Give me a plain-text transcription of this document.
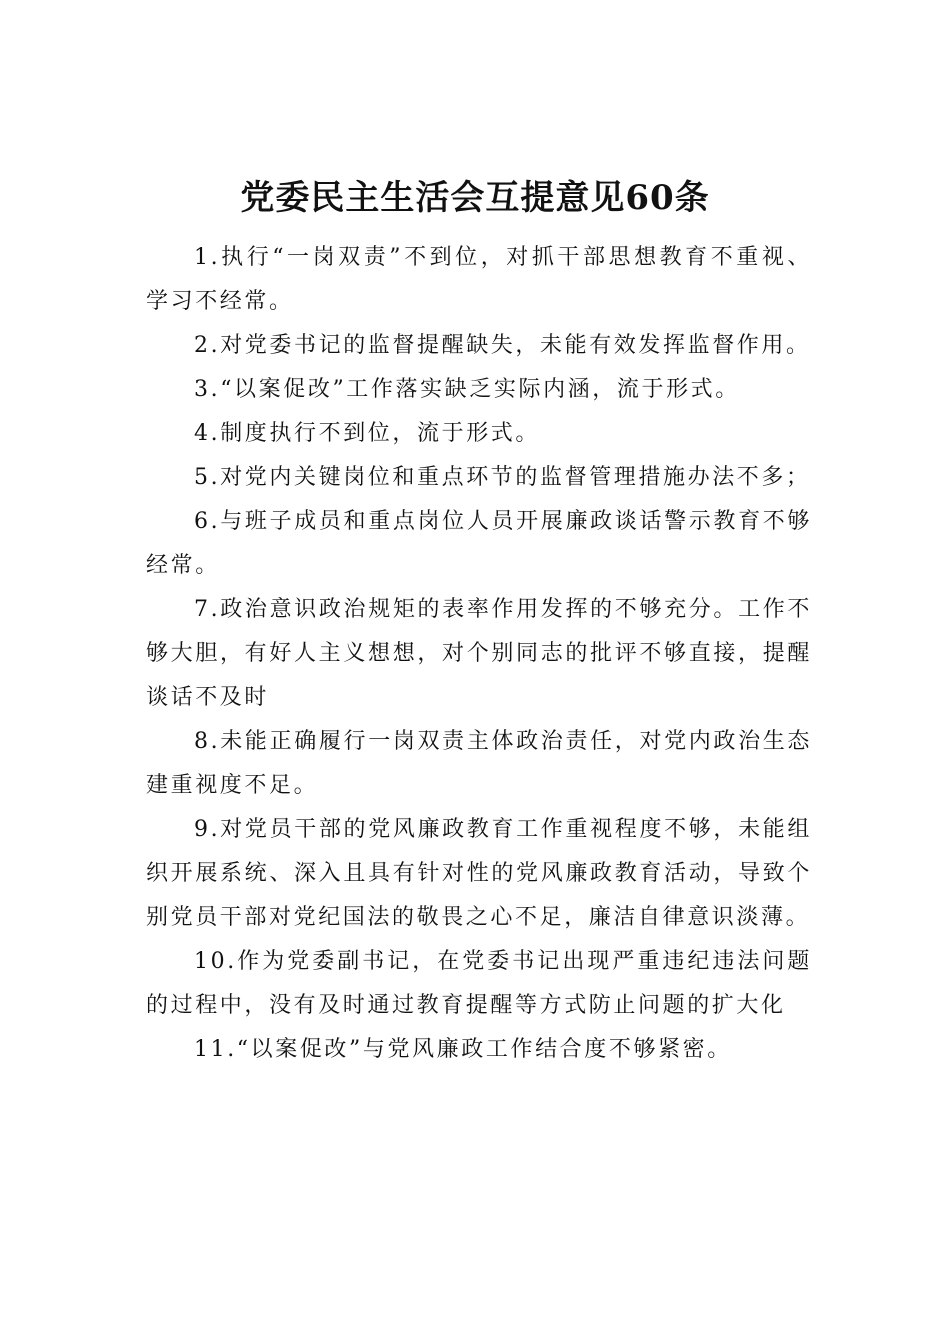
党委民主生活会互提意见60条

1.执行“一岗双责”不到位，对抓干部思想教育不重视、学习不经常。

2.对党委书记的监督提醒缺失，未能有效发挥监督作用。

3.“以案促改”工作落实缺乏实际内涵，流于形式。

4.制度执行不到位，流于形式。

5.对党内关键岗位和重点环节的监督管理措施办法不多；

6.与班子成员和重点岗位人员开展廉政谈话警示教育不够经常。

7.政治意识政治规矩的表率作用发挥的不够充分。工作不够大胆，有好人主义想想，对个别同志的批评不够直接，提醒谈话不及时

8.未能正确履行一岗双责主体政治责任，对党内政治生态建重视度不足。

9.对党员干部的党风廉政教育工作重视程度不够，未能组织开展系统、深入且具有针对性的党风廉政教育活动，导致个别党员干部对党纪国法的敬畏之心不足，廉洁自律意识淡薄。

10.作为党委副书记，在党委书记出现严重违纪违法问题的过程中，没有及时通过教育提醒等方式防止问题的扩大化

11.“以案促改”与党风廉政工作结合度不够紧密。
